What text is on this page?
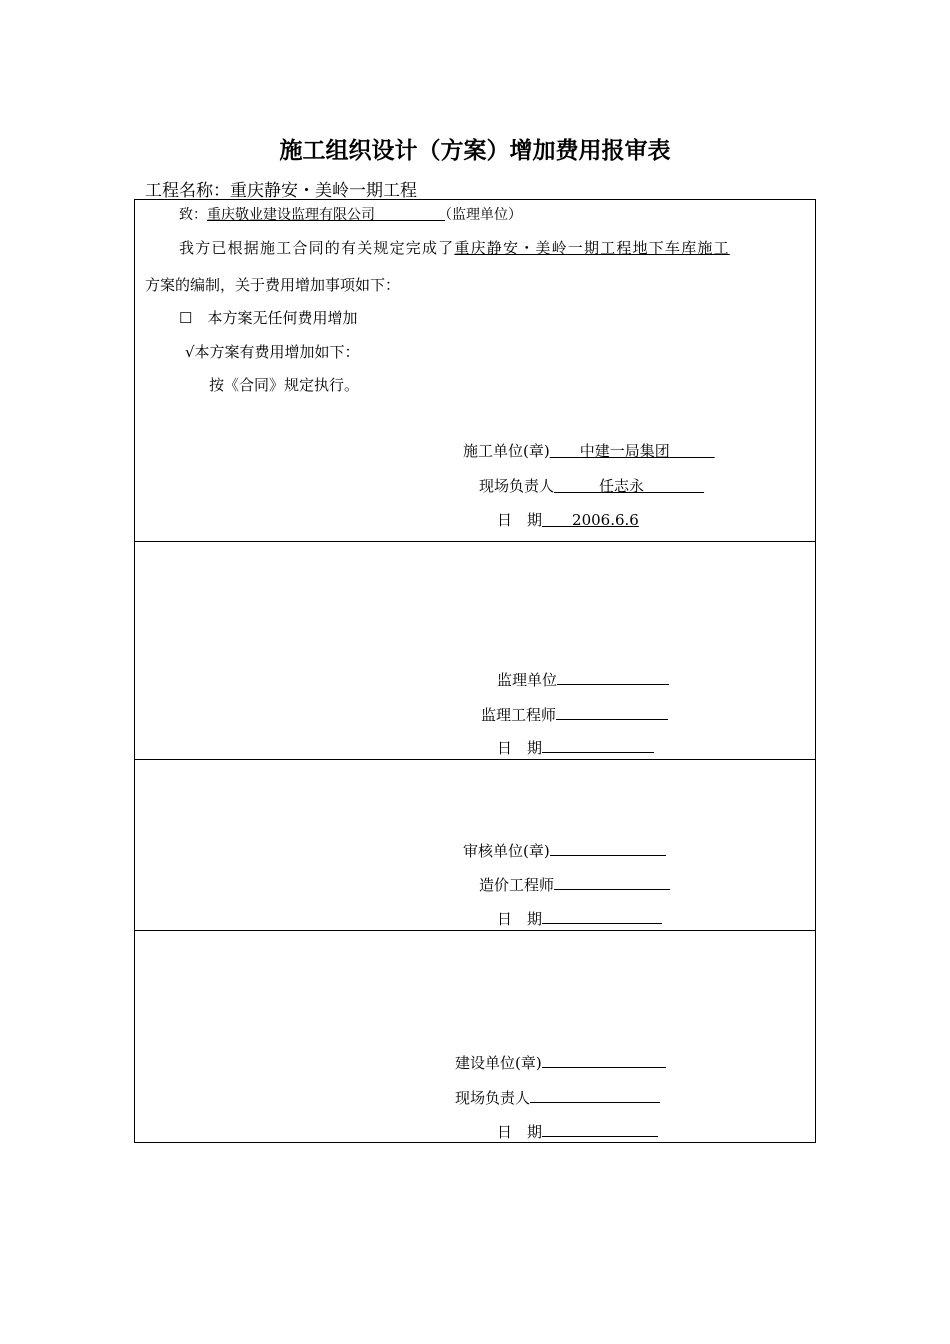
施工组织设计（方案）增加费用报审表
工程名称：重庆静安・美岭一期工程
致：重庆敬业建设监理有限公司　　　　　	（监理单位）
我方已根据施工合同的有关规定完成了重庆静安・美岭一期工程地下车库施工
方案的编制，关于费用增加事项如下：
☐　 本方案无任何费用增加
√本方案有费用增加如下：
按《合同》规定执行。
施工单位(章)　　 中建一局集团　　　
现场负责人　　　	任志永　　　　
日　期　　 2006.6.6
监理单位
监理工程师
日　期
审核单位(章)
造价工程师
日　期
建设单位(章)
现场负责人
日　期
